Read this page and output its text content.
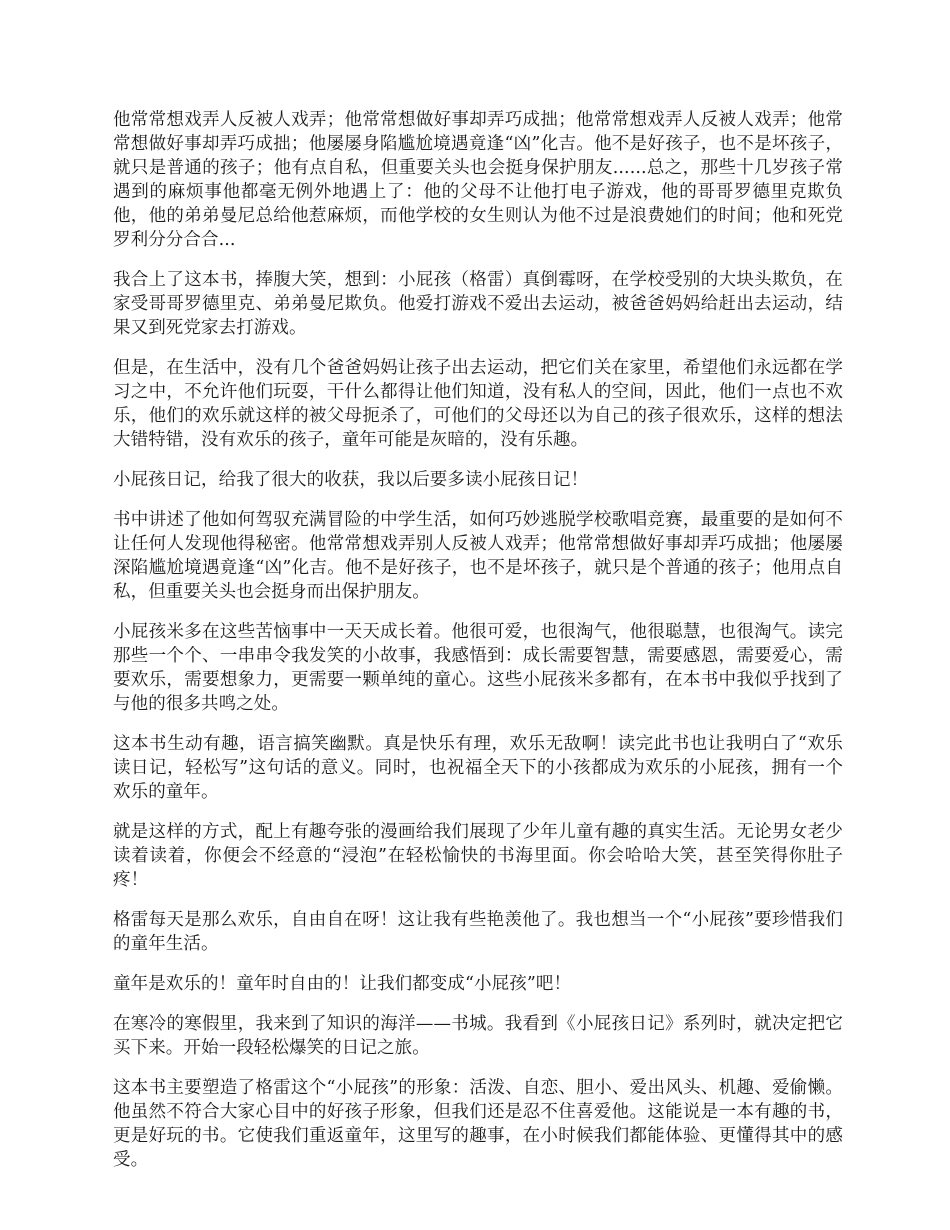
他常常想戏弄人反被人戏弄；他常常想做好事却弄巧成拙；他常常想戏弄人反被人戏弄；他常常想做好事却弄巧成拙；他屡屡身陷尴尬境遇竟逢“凶”化吉。他不是好孩子，也不是坏孩子，就只是普通的孩子；他有点自私，但重要关头也会挺身保护朋友......总之，那些十几岁孩子常遇到的麻烦事他都毫无例外地遇上了：他的父母不让他打电子游戏，他的哥哥罗德里克欺负他，他的弟弟曼尼总给他惹麻烦，而他学校的女生则认为他不过是浪费她们的时间；他和死党罗利分分合合...

我合上了这本书，捧腹大笑，想到：小屁孩（格雷）真倒霉呀，在学校受别的大块头欺负，在家受哥哥罗德里克、弟弟曼尼欺负。他爱打游戏不爱出去运动，被爸爸妈妈给赶出去运动，结果又到死党家去打游戏。

但是，在生活中，没有几个爸爸妈妈让孩子出去运动，把它们关在家里，希望他们永远都在学习之中，不允许他们玩耍，干什么都得让他们知道，没有私人的空间，因此，他们一点也不欢乐，他们的欢乐就这样的被父母扼杀了，可他们的父母还以为自己的孩子很欢乐，这样的想法大错特错，没有欢乐的孩子，童年可能是灰暗的，没有乐趣。

小屁孩日记，给我了很大的收获，我以后要多读小屁孩日记！

书中讲述了他如何驾驭充满冒险的中学生活，如何巧妙逃脱学校歌唱竞赛，最重要的是如何不让任何人发现他得秘密。他常常想戏弄别人反被人戏弄；他常常想做好事却弄巧成拙；他屡屡深陷尴尬境遇竟逢“凶”化吉。他不是好孩子，也不是坏孩子，就只是个普通的孩子；他用点自私，但重要关头也会挺身而出保护朋友。

小屁孩米多在这些苦恼事中一天天成长着。他很可爱，也很淘气，他很聪慧，也很淘气。读完那些一个个、一串串令我发笑的小故事，我感悟到：成长需要智慧，需要感恩，需要爱心，需要欢乐，需要想象力，更需要一颗单纯的童心。这些小屁孩米多都有，在本书中我似乎找到了与他的很多共鸣之处。

这本书生动有趣，语言搞笑幽默。真是快乐有理，欢乐无敌啊！读完此书也让我明白了“欢乐读日记，轻松写”这句话的意义。同时，也祝福全天下的小孩都成为欢乐的小屁孩，拥有一个欢乐的童年。

就是这样的方式，配上有趣夸张的漫画给我们展现了少年儿童有趣的真实生活。无论男女老少读着读着，你便会不经意的“浸泡”在轻松愉快的书海里面。你会哈哈大笑，甚至笑得你肚子疼！

格雷每天是那么欢乐，自由自在呀！这让我有些艳羡他了。我也想当一个“小屁孩”要珍惜我们的童年生活。

童年是欢乐的！童年时自由的！让我们都变成“小屁孩”吧！

在寒冷的寒假里，我来到了知识的海洋——书城。我看到《小屁孩日记》系列时，就决定把它买下来。开始一段轻松爆笑的日记之旅。

这本书主要塑造了格雷这个“小屁孩”的形象：活泼、自恋、胆小、爱出风头、机趣、爱偷懒。他虽然不符合大家心目中的好孩子形象，但我们还是忍不住喜爱他。这能说是一本有趣的书，更是好玩的书。它使我们重返童年，这里写的趣事，在小时候我们都能体验、更懂得其中的感受。
